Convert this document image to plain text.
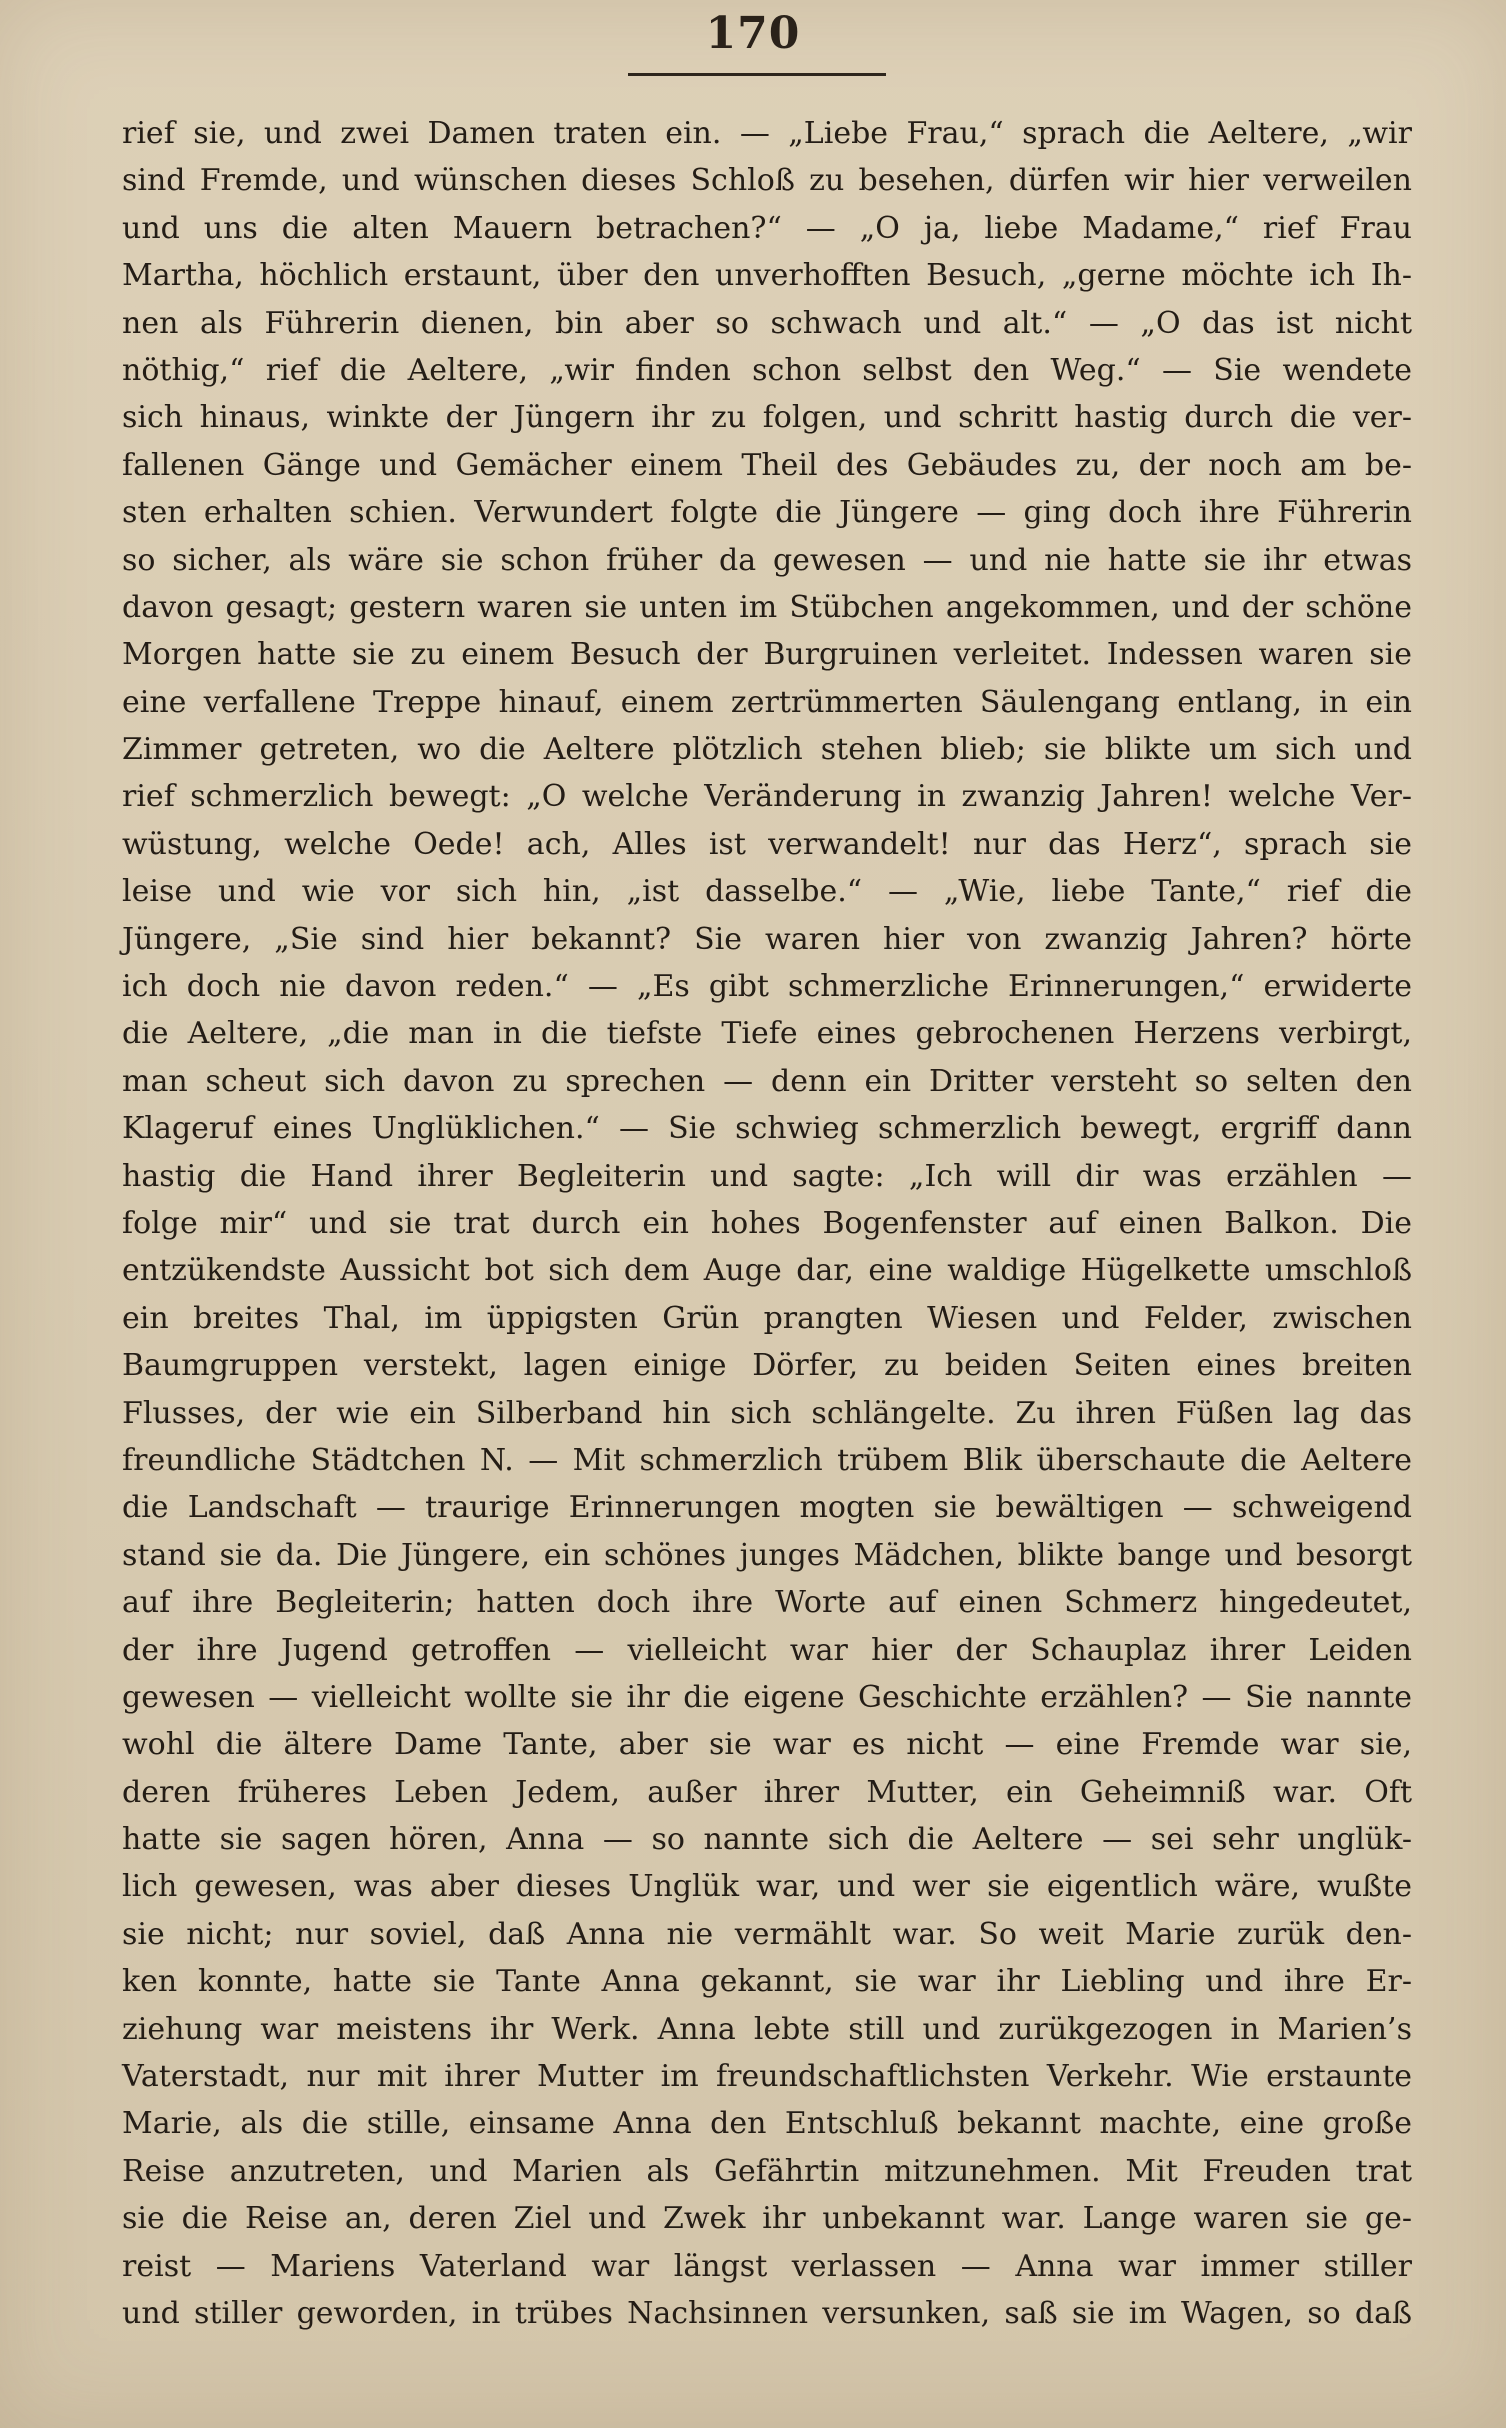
170
rief sie, und zwei Damen traten ein. — „Liebe Frau,“ sprach die Aeltere, „wir
sind Fremde, und wünschen dieses Schloß zu besehen, dürfen wir hier verweilen
und uns die alten Mauern betrachen?“ — „O ja, liebe Madame,“ rief Frau
Martha, höchlich erstaunt, über den unverhofften Besuch, „gerne möchte ich Ih-
nen als Führerin dienen, bin aber so schwach und alt.“ — „O das ist nicht
nöthig,“ rief die Aeltere, „wir finden schon selbst den Weg.“ — Sie wendete
sich hinaus, winkte der Jüngern ihr zu folgen, und schritt hastig durch die ver-
fallenen Gänge und Gemächer einem Theil des Gebäudes zu, der noch am be-
sten erhalten schien. Verwundert folgte die Jüngere — ging doch ihre Führerin
so sicher, als wäre sie schon früher da gewesen — und nie hatte sie ihr etwas
davon gesagt; gestern waren sie unten im Stübchen angekommen, und der schöne
Morgen hatte sie zu einem Besuch der Burgruinen verleitet. Indessen waren sie
eine verfallene Treppe hinauf, einem zertrümmerten Säulengang entlang, in ein
Zimmer getreten, wo die Aeltere plötzlich stehen blieb; sie blikte um sich und
rief schmerzlich bewegt: „O welche Veränderung in zwanzig Jahren! welche Ver-
wüstung, welche Oede! ach, Alles ist verwandelt! nur das Herz“, sprach sie
leise und wie vor sich hin, „ist dasselbe.“ — „Wie, liebe Tante,“ rief die
Jüngere, „Sie sind hier bekannt? Sie waren hier von zwanzig Jahren? hörte
ich doch nie davon reden.“ — „Es gibt schmerzliche Erinnerungen,“ erwiderte
die Aeltere, „die man in die tiefste Tiefe eines gebrochenen Herzens verbirgt,
man scheut sich davon zu sprechen — denn ein Dritter versteht so selten den
Klageruf eines Unglüklichen.“ — Sie schwieg schmerzlich bewegt, ergriff dann
hastig die Hand ihrer Begleiterin und sagte: „Ich will dir was erzählen —
folge mir“ und sie trat durch ein hohes Bogenfenster auf einen Balkon. Die
entzükendste Aussicht bot sich dem Auge dar, eine waldige Hügelkette umschloß
ein breites Thal, im üppigsten Grün prangten Wiesen und Felder, zwischen
Baumgruppen verstekt, lagen einige Dörfer, zu beiden Seiten eines breiten
Flusses, der wie ein Silberband hin sich schlängelte. Zu ihren Füßen lag das
freundliche Städtchen N. — Mit schmerzlich trübem Blik überschaute die Aeltere
die Landschaft — traurige Erinnerungen mogten sie bewältigen — schweigend
stand sie da. Die Jüngere, ein schönes junges Mädchen, blikte bange und besorgt
auf ihre Begleiterin; hatten doch ihre Worte auf einen Schmerz hingedeutet,
der ihre Jugend getroffen — vielleicht war hier der Schauplaz ihrer Leiden
gewesen — vielleicht wollte sie ihr die eigene Geschichte erzählen? — Sie nannte
wohl die ältere Dame Tante, aber sie war es nicht — eine Fremde war sie,
deren früheres Leben Jedem, außer ihrer Mutter, ein Geheimniß war. Oft
hatte sie sagen hören, Anna — so nannte sich die Aeltere — sei sehr unglük-
lich gewesen, was aber dieses Unglük war, und wer sie eigentlich wäre, wußte
sie nicht; nur soviel, daß Anna nie vermählt war. So weit Marie zurük den-
ken konnte, hatte sie Tante Anna gekannt, sie war ihr Liebling und ihre Er-
ziehung war meistens ihr Werk. Anna lebte still und zurükgezogen in Marien’s
Vaterstadt, nur mit ihrer Mutter im freundschaftlichsten Verkehr. Wie erstaunte
Marie, als die stille, einsame Anna den Entschluß bekannt machte, eine große
Reise anzutreten, und Marien als Gefährtin mitzunehmen. Mit Freuden trat
sie die Reise an, deren Ziel und Zwek ihr unbekannt war. Lange waren sie ge-
reist — Mariens Vaterland war längst verlassen — Anna war immer stiller
und stiller geworden, in trübes Nachsinnen versunken, saß sie im Wagen, so daß
